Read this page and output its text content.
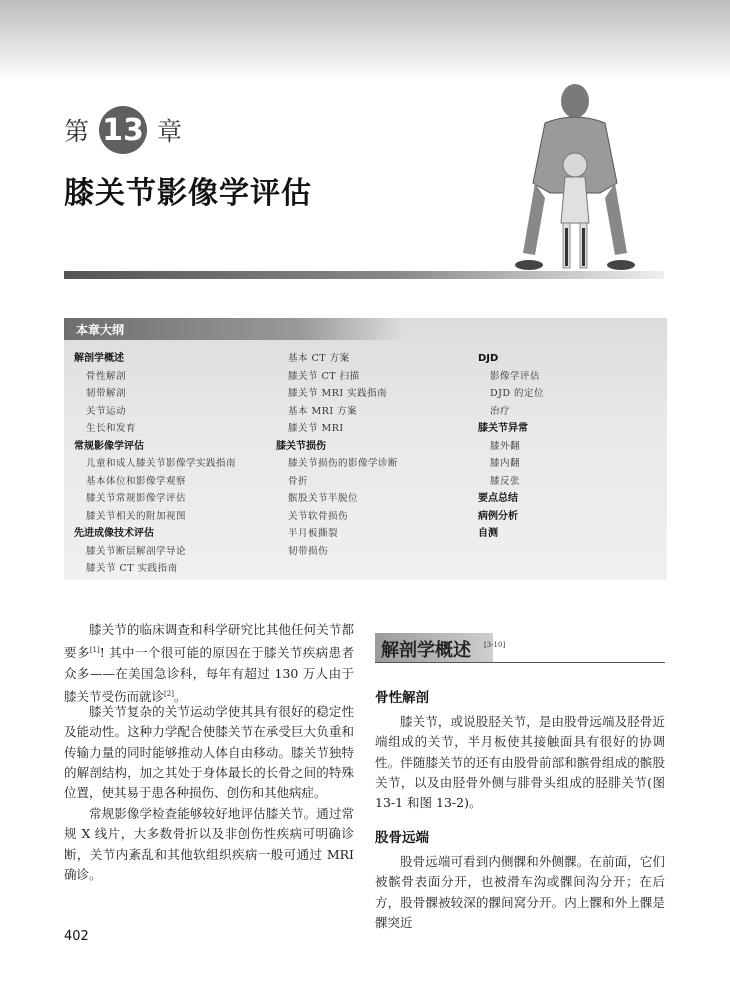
第 13 章
膝关节影像学评估
本章大纲
解剖学概述
骨性解剖
韧带解剖
关节运动
生长和发育
常规影像学评估
儿童和成人膝关节影像学实践指南
基本体位和影像学观察
膝关节常规影像学评估
膝关节相关的附加视图
先进成像技术评估
膝关节断层解剖学导论
膝关节 CT 实践指南
基本 CT 方案
膝关节 CT 扫描
膝关节 MRI 实践指南
基本 MRI 方案
膝关节 MRI
膝关节损伤
膝关节损伤的影像学诊断
骨折
髌股关节半脱位
关节软骨损伤
半月板撕裂
韧带损伤
DJD
影像学评估
DJD 的定位
治疗
膝关节异常
膝外翻
膝内翻
膝反张
要点总结
病例分析
自测

膝关节的临床调查和科学研究比其他任何关节都要多[1]! 其中一个很可能的原因在于膝关节疾病患者众多——在美国急诊科，每年有超过 130 万人由于膝关节受伤而就诊[2]。

膝关节复杂的关节运动学使其具有很好的稳定性及能动性。这种力学配合使膝关节在承受巨大负重和传输力量的同时能够推动人体自由移动。膝关节独特的解剖结构，加之其处于身体最长的长骨之间的特殊位置，使其易于患各种损伤、创伤和其他病症。

常规影像学检查能够较好地评估膝关节。通过常规 X 线片，大多数骨折以及非创伤性疾病可明确诊断，关节内紊乱和其他软组织疾病一般可通过 MRI 确诊。

解剖学概述 [3-10]
骨性解剖

膝关节，或说股胫关节，是由股骨远端及胫骨近端组成的关节，半月板使其接触面具有很好的协调性。伴随膝关节的还有由股骨前部和髌骨组成的髌股关节，以及由胫骨外侧与腓骨头组成的胫腓关节(图 13-1 和图 13-2)。

股骨远端

股骨远端可看到内侧髁和外侧髁。在前面，它们被髌骨表面分开，也被滑车沟或髁间沟分开；在后方，股骨髁被较深的髁间窝分开。内上髁和外上髁是髁突近

402
